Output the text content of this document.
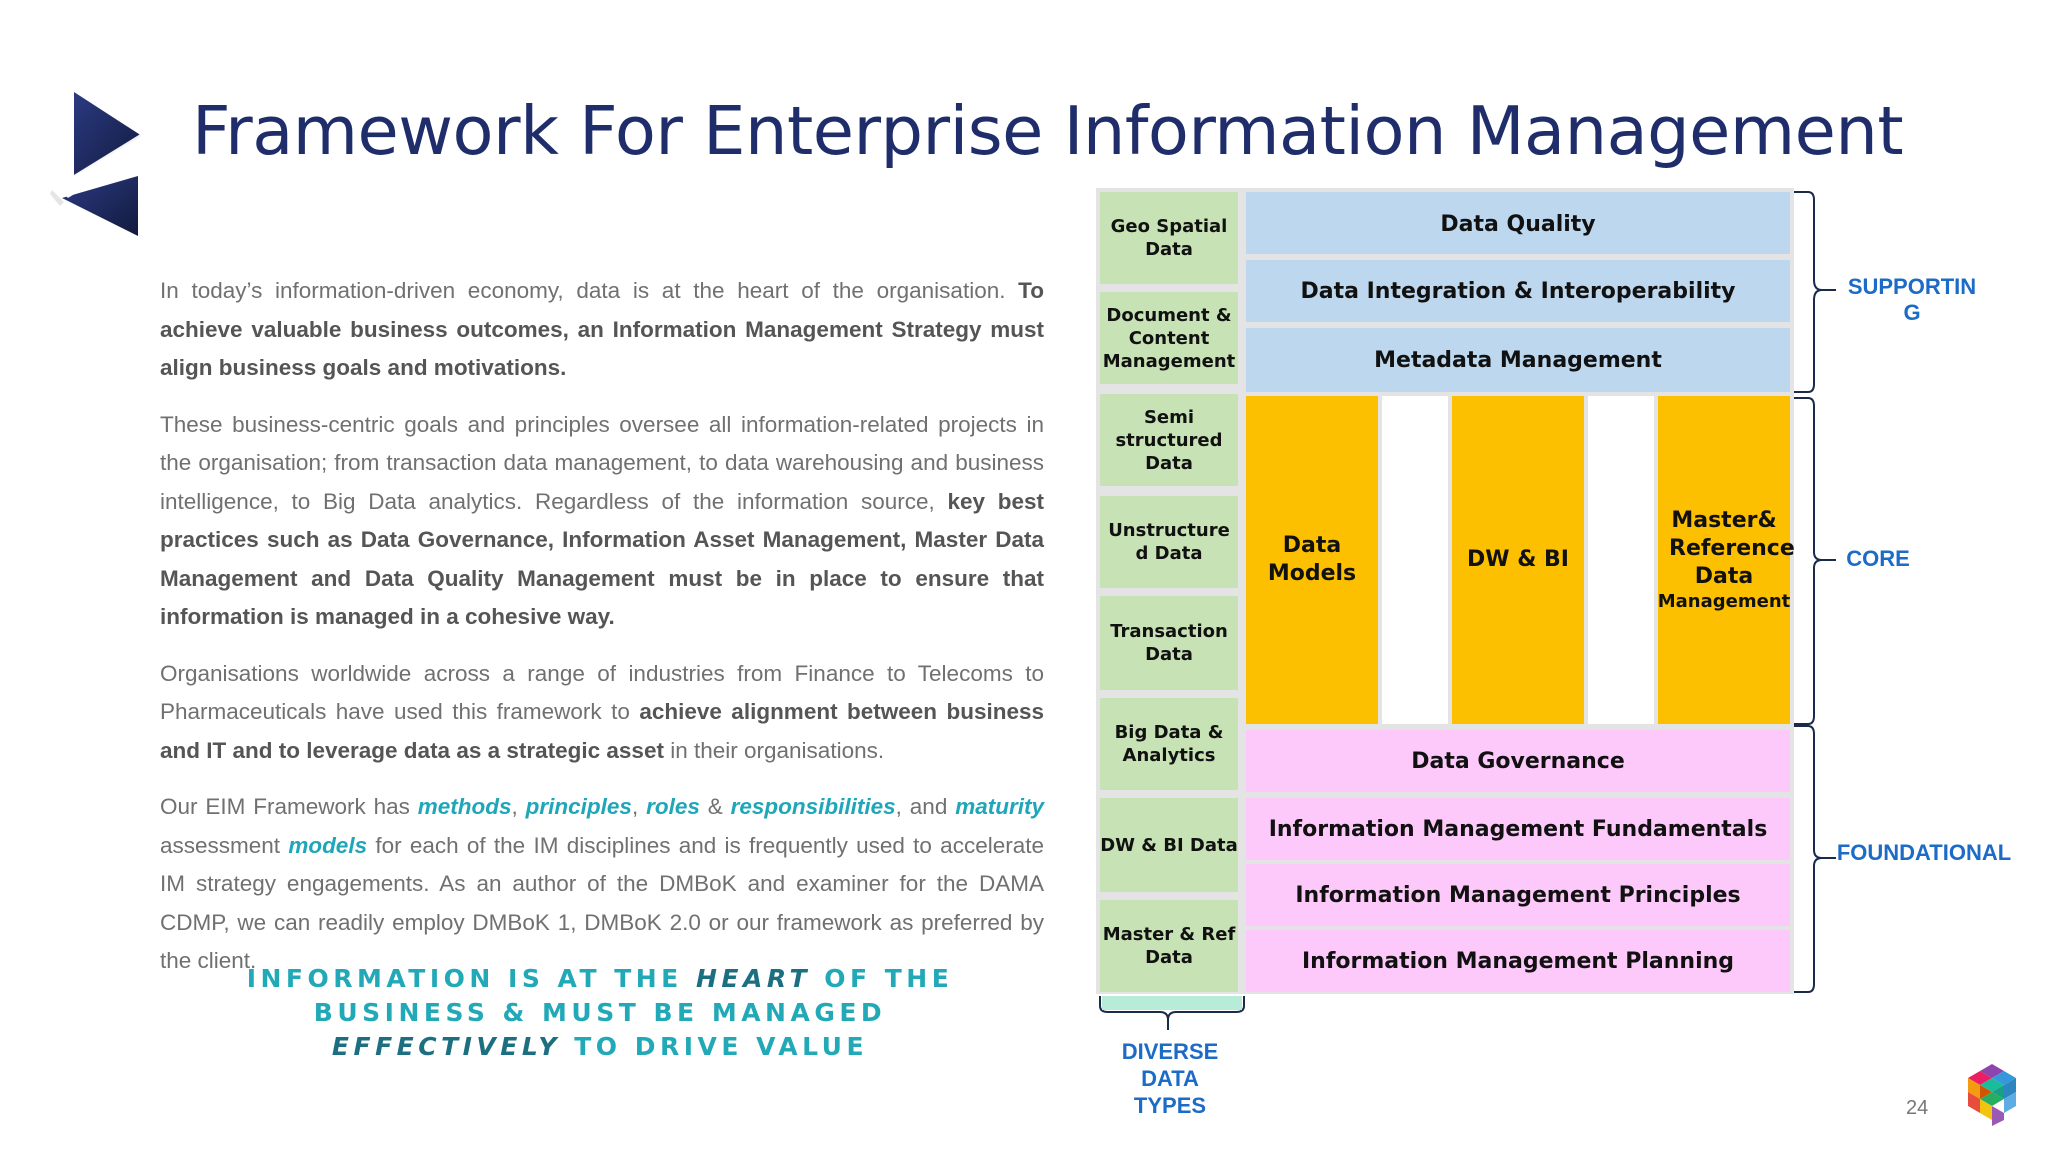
Framework For Enterprise Information Management

In today’s information-driven economy, data is at the heart of the organisation. To achieve valuable business outcomes, an Information Management Strategy must align business goals and motivations.

These business-centric goals and principles oversee all information-related projects in the organisation; from transaction data management, to data warehousing and business intelligence, to Big Data analytics. Regardless of the information source, key best practices such as Data Governance, Information Asset Management, Master Data Management and Data Quality Management must be in place to ensure that information is managed in a cohesive way.

Organisations worldwide across a range of industries from Finance to Telecoms to Pharmaceuticals have used this framework to achieve alignment between business and IT and to leverage data as a strategic asset in their organisations.

Our EIM Framework has methods, principles, roles & responsibilities, and maturity assessment models for each of the IM disciplines and is frequently used to accelerate IM strategy engagements. As an author of the DMBoK and examiner for the DAMA CDMP, we can readily employ DMBoK 1, DMBoK 2.0 or our framework as preferred by the client.

INFORMATION IS AT THE HEART OF THE
BUSINESS & MUST BE MANAGED
EFFECTIVELY TO DRIVE VALUE
Geo Spatial Data
Document & Content Management
Semi structured Data
Unstructure d Data
Transaction Data
Big Data & Analytics
DW & BI Data
Master & Ref Data
Data Quality
Data Integration & Interoperability
Metadata Management
Data Models
DW & BI
Master& Reference Data
Management
Data Governance
Information Management Fundamentals
Information Management Principles
Information Management Planning
SUPPORTIN G
CORE
FOUNDATIONAL
DIVERSE DATA TYPES	24
